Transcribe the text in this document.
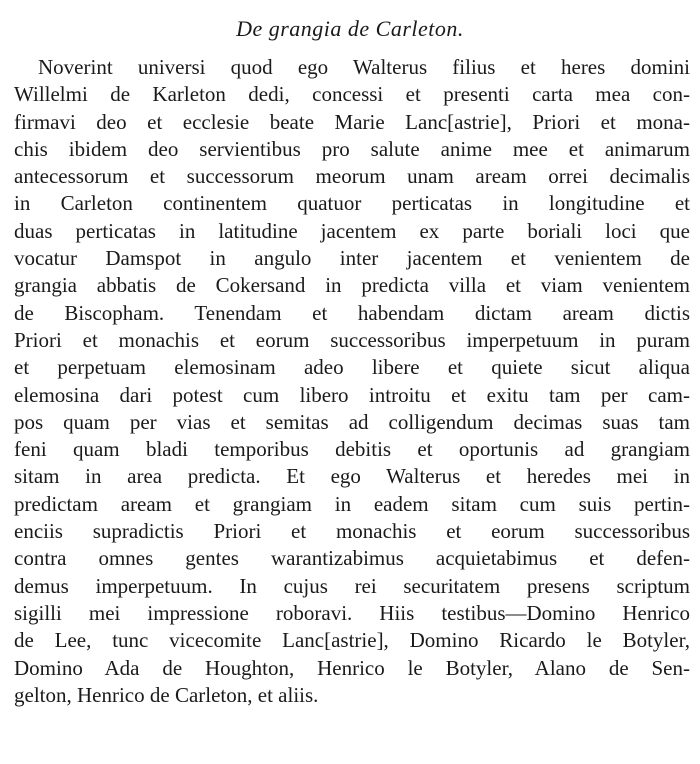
De grangia de Carleton.
Noverint universi quod ego Walterus filius et heres domini
Willelmi de Karleton dedi, concessi et presenti carta mea con-
firmavi deo et ecclesie beate Marie Lanc[astrie], Priori et mona-
chis ibidem deo servientibus pro salute anime mee et animarum
antecessorum et successorum meorum unam aream orrei decimalis
in Carleton continentem quatuor perticatas in longitudine et
duas perticatas in latitudine jacentem ex parte boriali loci que
vocatur Damspot in angulo inter jacentem et venientem de
grangia abbatis de Cokersand in predicta villa et viam venientem
de Biscopham. Tenendam et habendam dictam aream dictis
Priori et monachis et eorum successoribus imperpetuum in puram
et perpetuam elemosinam adeo libere et quiete sicut aliqua
elemosina dari potest cum libero introitu et exitu tam per cam-
pos quam per vias et semitas ad colligendum decimas suas tam
feni quam bladi temporibus debitis et oportunis ad grangiam
sitam in area predicta. Et ego Walterus et heredes mei in
predictam aream et grangiam in eadem sitam cum suis pertin-
enciis supradictis Priori et monachis et eorum successoribus
contra omnes gentes warantizabimus acquietabimus et defen-
demus imperpetuum. In cujus rei securitatem presens scriptum
sigilli mei impressione roboravi. Hiis testibus—Domino Henrico
de Lee, tunc vicecomite Lanc[astrie], Domino Ricardo le Botyler,
Domino Ada de Houghton, Henrico le Botyler, Alano de Sen-
gelton, Henrico de Carleton, et aliis.
